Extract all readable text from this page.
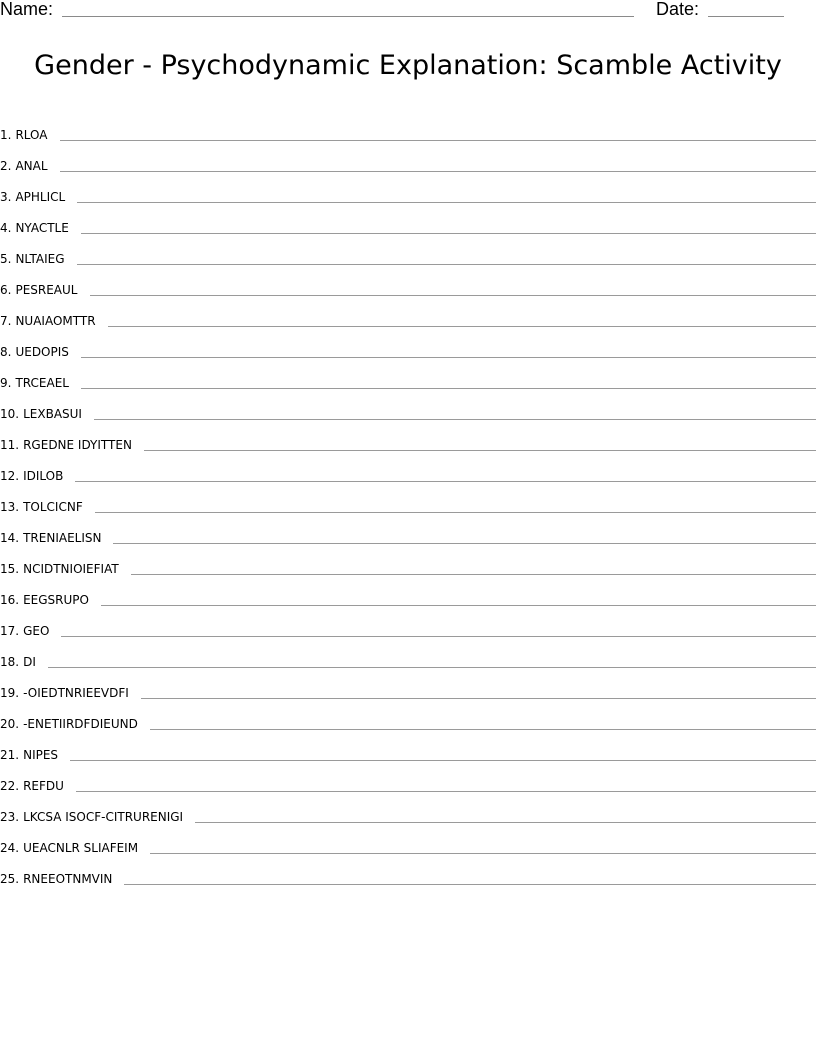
Name:	Date:
Gender - Psychodynamic Explanation: Scamble Activity
1. RLOA
2. ANAL
3. APHLICL
4. NYACTLE
5. NLTAIEG
6. PESREAUL
7. NUAIAOMTTR
8. UEDOPIS
9. TRCEAEL
10. LEXBASUI
11. RGEDNE IDYITTEN
12. IDILOB
13. TOLCICNF
14. TRENIAELISN
15. NCIDTNIOIEFIAT
16. EEGSRUPO
17. GEO
18. DI
19. -OIEDTNRIEEVDFI
20. -ENETIIRDFDIEUND
21. NIPES
22. REFDU
23. LKCSA ISOCF-CITRURENIGI
24. UEACNLR SLIAFEIM
25. RNEEOTNMVIN
